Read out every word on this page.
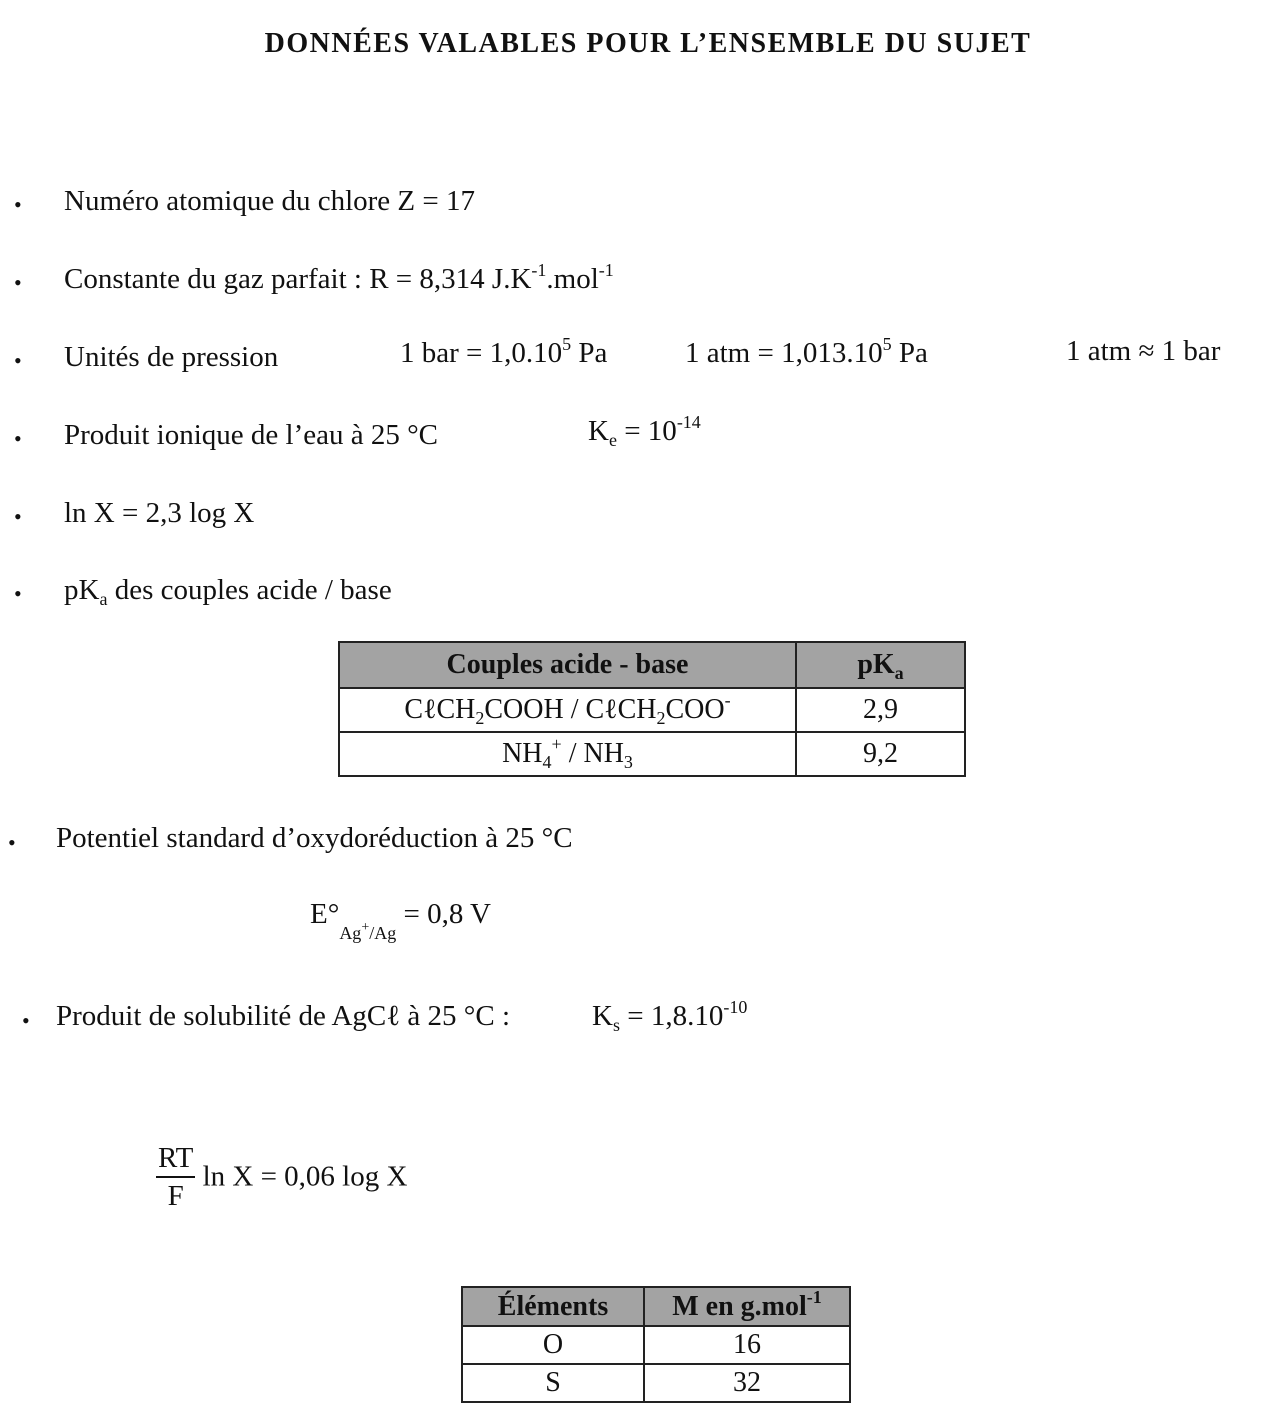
DONNÉES VALABLES POUR L’ENSEMBLE DU SUJET
• Numéro atomique du chlore Z = 17
• Constante du gaz parfait : R = 8,314 $J.K^{-1}.mol^{-1}$
• Unités de pression	1 bar = $1,0.10^5$ Pa	1 atm = $1,013.10^5$ Pa	1 atm ≈ 1 bar
• Produit ionique de l’eau à 25 °C	$K_e = 10^{-14}$
• ln X = 2,3 log X
• $pK_a$ des couples acide / base
Couples acide - base	$pK_a$
CℓCH$_2$COOH / CℓCH$_2$COO-	2,9
$NH_4^+ / NH_3$	9,2
• Potentiel standard d’oxydoréduction à 25 °C
$E^\circ_{Ag^+/Ag} = 0,8$ V
• Produit de solubilité de AgCℓ à 25 °C :	$K_s = 1,8.10^{-10}$
$\frac{RT}{F}$ ln X = 0,06 log X
Éléments	M en g.mol$^{-1}$
O	16
S	32
